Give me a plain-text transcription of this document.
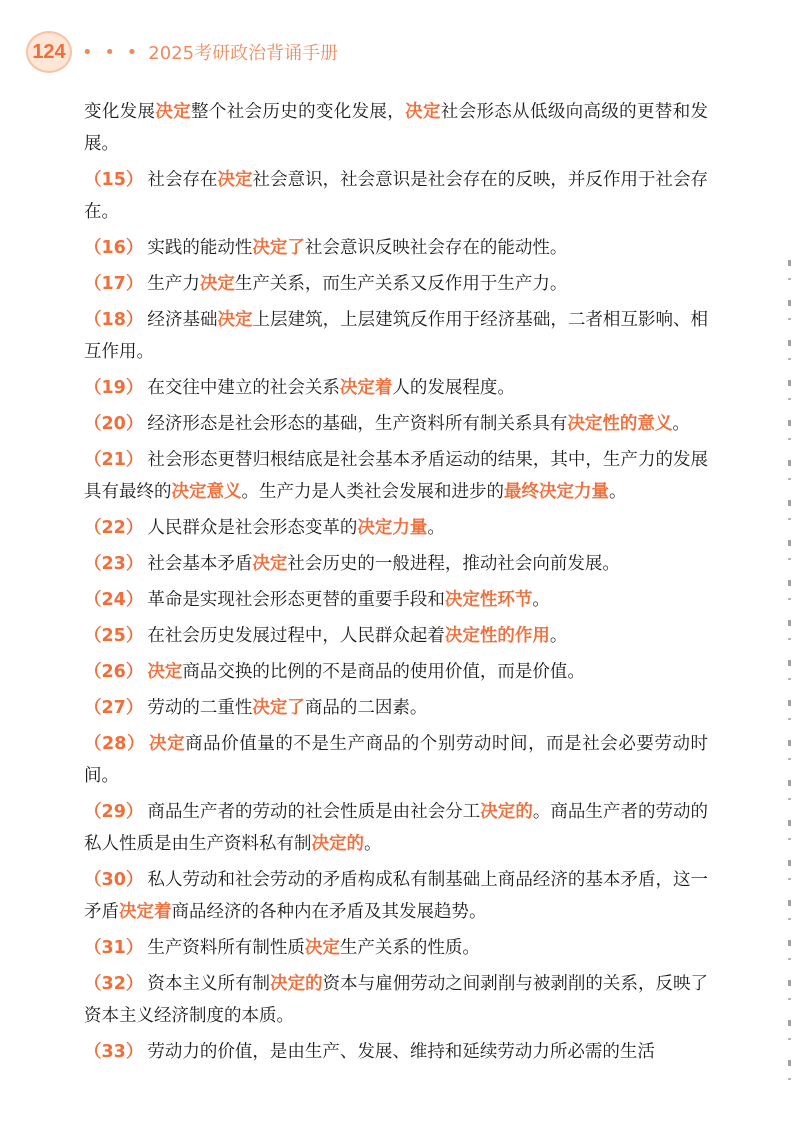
124 • • • 2025考研政治背诵手册

变化发展决定整个社会历史的变化发展，决定社会形态从低级向高级的更替和发展。

（15） 社会存在决定社会意识，社会意识是社会存在的反映，并反作用于社会存在。

（16） 实践的能动性决定了社会意识反映社会存在的能动性。

（17） 生产力决定生产关系，而生产关系又反作用于生产力。

（18） 经济基础决定上层建筑，上层建筑反作用于经济基础，二者相互影响、相互作用。

（19） 在交往中建立的社会关系决定着人的发展程度。

（20） 经济形态是社会形态的基础，生产资料所有制关系具有决定性的意义。

（21） 社会形态更替归根结底是社会基本矛盾运动的结果，其中，生产力的发展具有最终的决定意义。生产力是人类社会发展和进步的最终决定力量。

（22） 人民群众是社会形态变革的决定力量。

（23） 社会基本矛盾决定社会历史的一般进程，推动社会向前发展。

（24） 革命是实现社会形态更替的重要手段和决定性环节。

（25） 在社会历史发展过程中，人民群众起着决定性的作用。

（26） 决定商品交换的比例的不是商品的使用价值，而是价值。

（27） 劳动的二重性决定了商品的二因素。

（28） 决定商品价值量的不是生产商品的个别劳动时间，而是社会必要劳动时间。

（29） 商品生产者的劳动的社会性质是由社会分工决定的。商品生产者的劳动的私人性质是由生产资料私有制决定的。

（30） 私人劳动和社会劳动的矛盾构成私有制基础上商品经济的基本矛盾，这一矛盾决定着商品经济的各种内在矛盾及其发展趋势。

（31） 生产资料所有制性质决定生产关系的性质。

（32） 资本主义所有制决定的资本与雇佣劳动之间剥削与被剥削的关系，反映了资本主义经济制度的本质。

（33） 劳动力的价值，是由生产、发展、维持和延续劳动力所必需的生活
